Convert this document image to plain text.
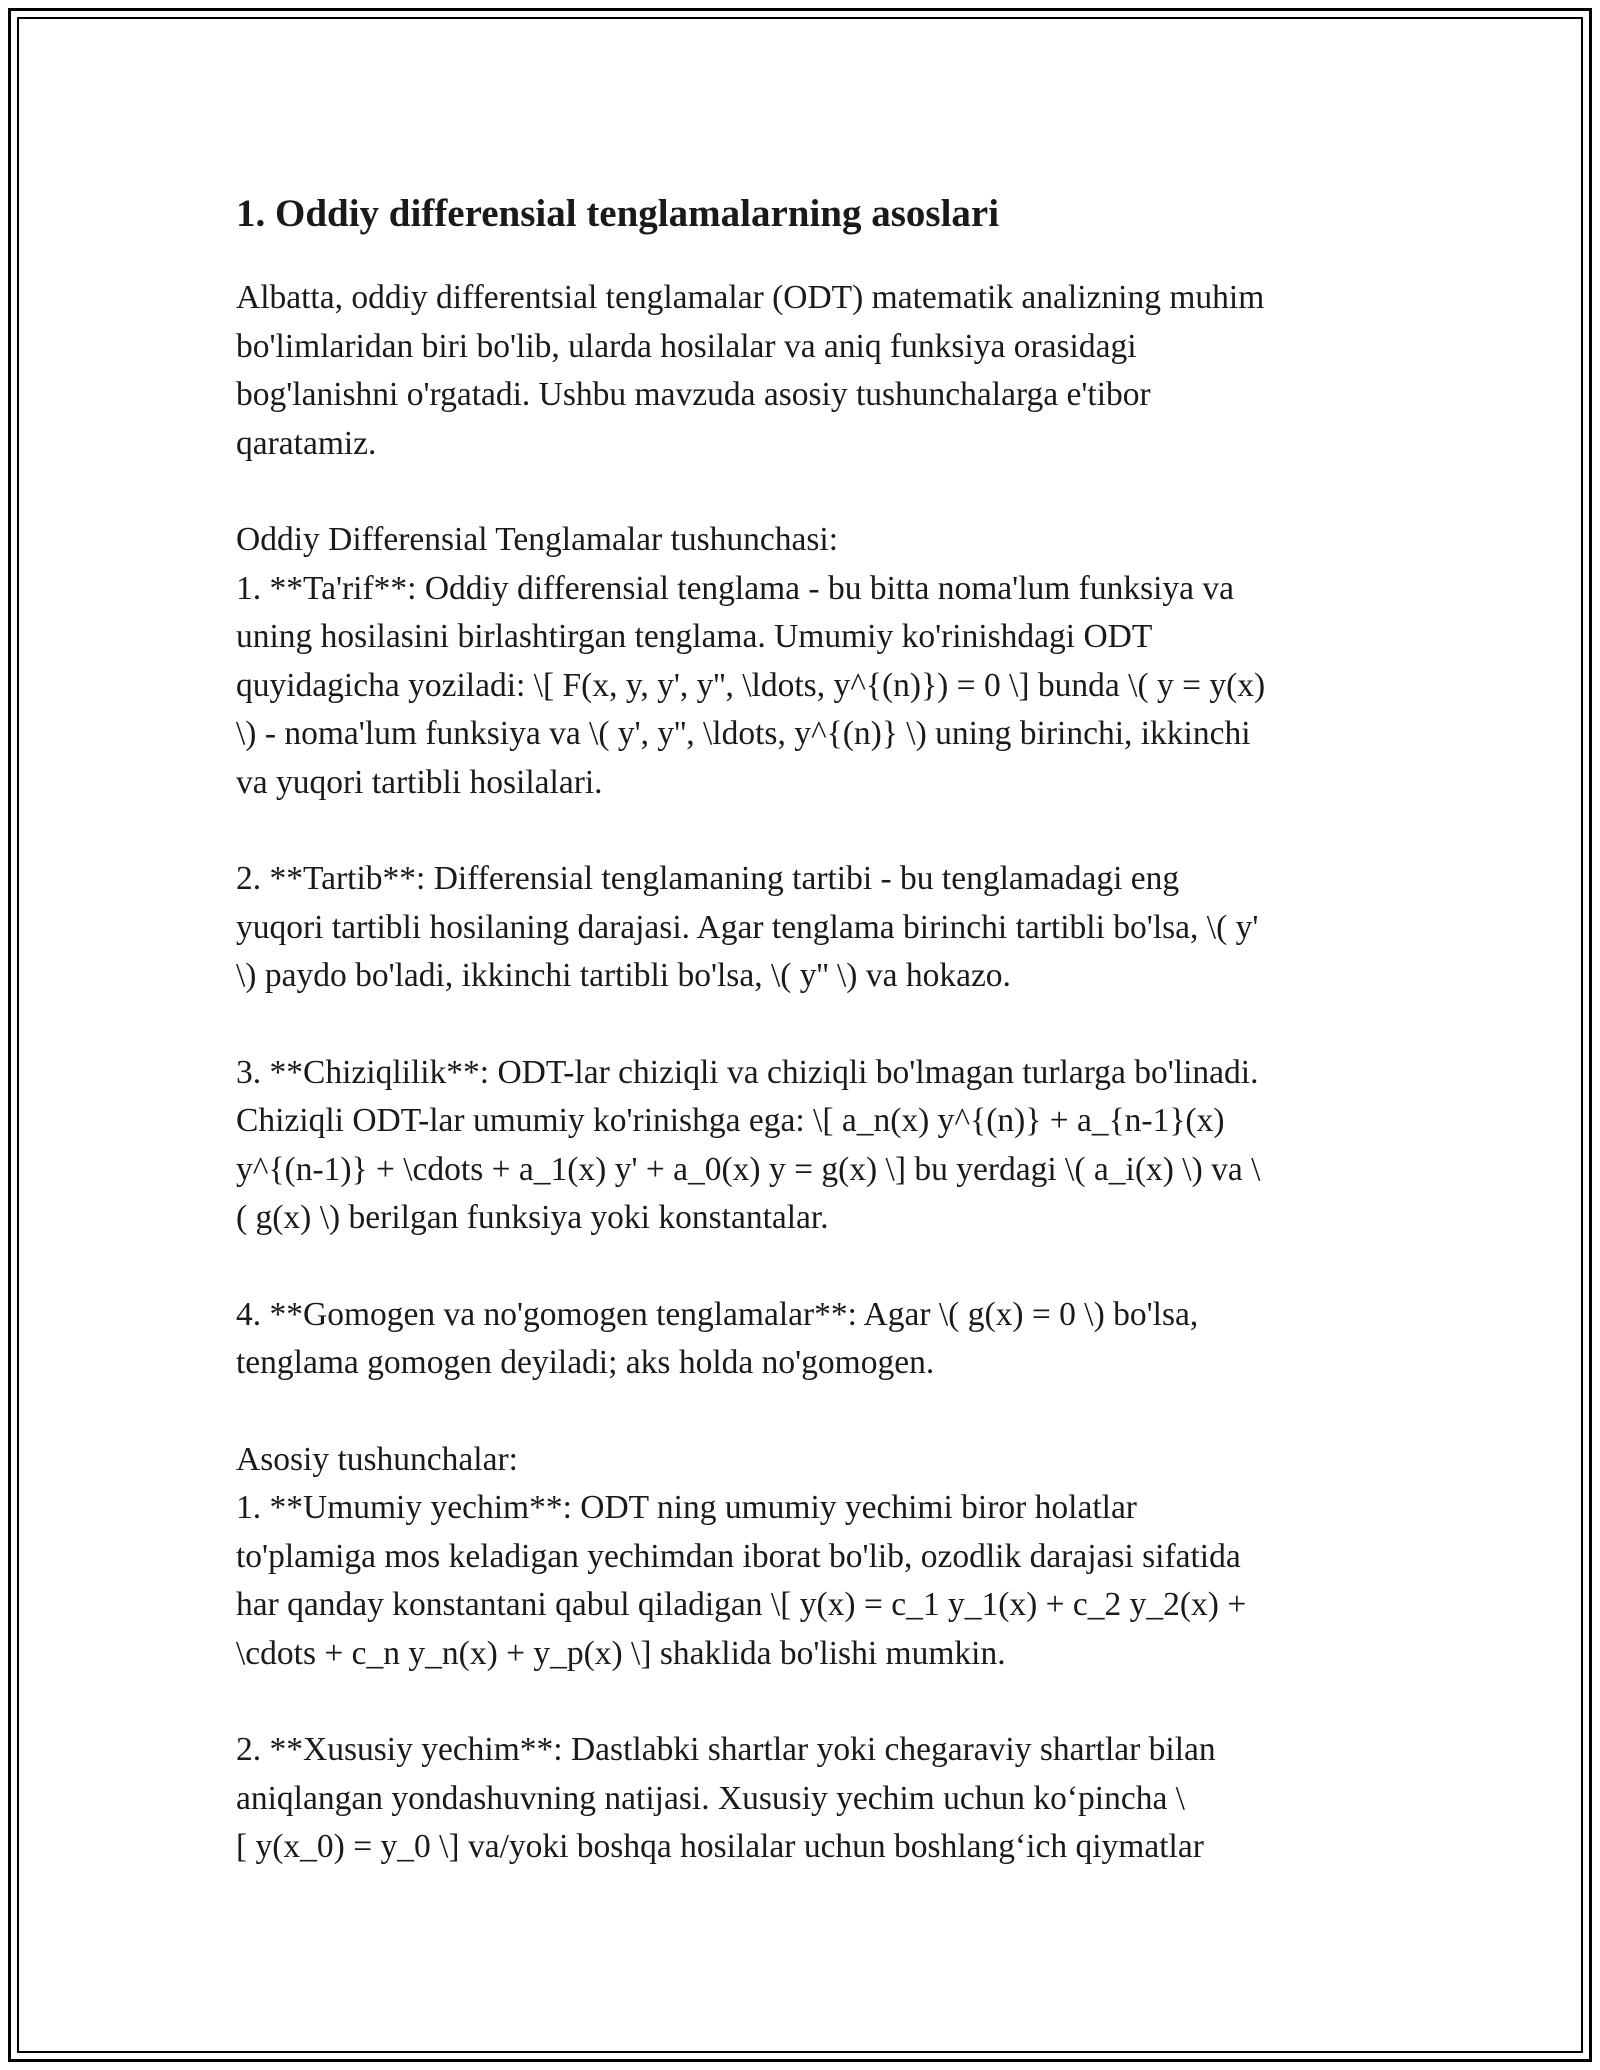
1. Oddiy differensial tenglamalarning asoslari

Albatta, oddiy differentsial tenglamalar (ODT) matematik analizning muhim
bo'limlaridan biri bo'lib, ularda hosilalar va aniq funksiya orasidagi
bog'lanishni o'rgatadi. Ushbu mavzuda asosiy tushunchalarga e'tibor
qaratamiz.

Oddiy Differensial Tenglamalar tushunchasi:
1. **Ta'rif**: Oddiy differensial tenglama - bu bitta noma'lum funksiya va
uning hosilasini birlashtirgan tenglama. Umumiy ko'rinishdagi ODT
quyidagicha yoziladi: \[ F(x, y, y', y'', \ldots, y^{(n)}) = 0 \] bunda \( y = y(x)
\) - noma'lum funksiya va \( y', y'', \ldots, y^{(n)} \) uning birinchi, ikkinchi
va yuqori tartibli hosilalari.

2. **Tartib**: Differensial tenglamaning tartibi - bu tenglamadagi eng
yuqori tartibli hosilaning darajasi. Agar tenglama birinchi tartibli bo'lsa, \( y'
\) paydo bo'ladi, ikkinchi tartibli bo'lsa, \( y'' \) va hokazo.

3. **Chiziqlilik**: ODT-lar chiziqli va chiziqli bo'lmagan turlarga bo'linadi.
Chiziqli ODT-lar umumiy ko'rinishga ega: \[ a_n(x) y^{(n)} + a_{n-1}(x)
y^{(n-1)} + \cdots + a_1(x) y' + a_0(x) y = g(x) \] bu yerdagi \( a_i(x) \) va \
( g(x) \) berilgan funksiya yoki konstantalar.

4. **Gomogen va no'gomogen tenglamalar**: Agar \( g(x) = 0 \) bo'lsa,
tenglama gomogen deyiladi; aks holda no'gomogen.

Asosiy tushunchalar:
1. **Umumiy yechim**: ODT ning umumiy yechimi biror holatlar
to'plamiga mos keladigan yechimdan iborat bo'lib, ozodlik darajasi sifatida
har qanday konstantani qabul qiladigan \[ y(x) = c_1 y_1(x) + c_2 y_2(x) +
\cdots + c_n y_n(x) + y_p(x) \] shaklida bo'lishi mumkin.

2. **Xususiy yechim**: Dastlabki shartlar yoki chegaraviy shartlar bilan
aniqlangan yondashuvning natijasi. Xususiy yechim uchun ko‘pincha \
[ y(x_0) = y_0 \] va/yoki boshqa hosilalar uchun boshlang‘ich qiymatlar
